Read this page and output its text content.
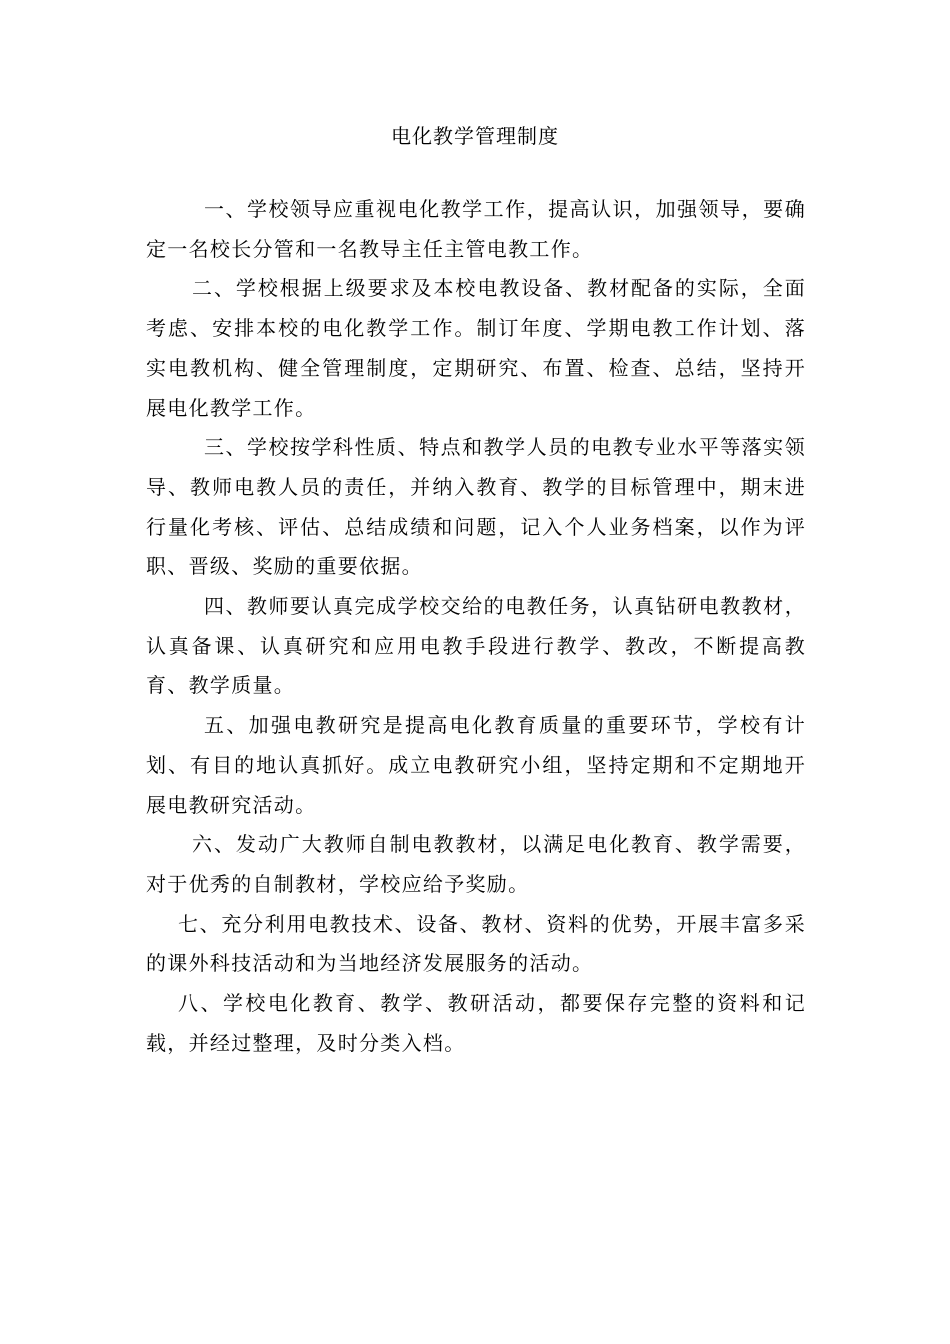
电化教学管理制度

一、学校领导应重视电化教学工作，提高认识，加强领导，要确定一名校长分管和一名教导主任主管电教工作。

二、学校根据上级要求及本校电教设备、教材配备的实际，全面考虑、安排本校的电化教学工作。制订年度、学期电教工作计划、落实电教机构、健全管理制度，定期研究、布置、检查、总结，坚持开展电化教学工作。

三、学校按学科性质、特点和教学人员的电教专业水平等落实领导、教师电教人员的责任，并纳入教育、教学的目标管理中，期末进行量化考核、评估、总结成绩和问题，记入个人业务档案，以作为评职、晋级、奖励的重要依据。

四、教师要认真完成学校交给的电教任务，认真钻研电教教材，认真备课、认真研究和应用电教手段进行教学、教改，不断提高教育、教学质量。

五、加强电教研究是提高电化教育质量的重要环节，学校有计划、有目的地认真抓好。成立电教研究小组，坚持定期和不定期地开展电教研究活动。

六、发动广大教师自制电教教材，以满足电化教育、教学需要，对于优秀的自制教材，学校应给予奖励。

七、充分利用电教技术、设备、教材、资料的优势，开展丰富多采的课外科技活动和为当地经济发展服务的活动。

八、学校电化教育、教学、教研活动，都要保存完整的资料和记载，并经过整理，及时分类入档。
